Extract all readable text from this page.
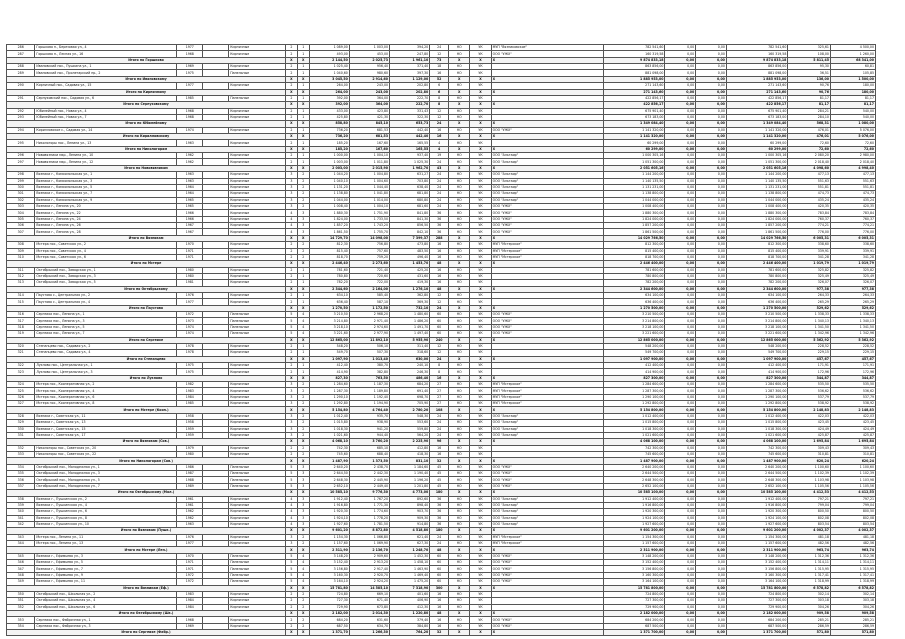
286	Горшково п., Березовая ул., 4	1977		Кирпичные	2	1	1 089,00	1 003,00	394,20	24	НО	УК	МУП "Вязниковское"	782 541,60	0,00	0,00	782 541,60	325,61	4 500,00
287	Горшково п., Лесная ул., 16	1968		Кирпичные	2	1	493,00	453,00	247,80	12	НО	УК	ООО "УЖХ"	160 319,58	0,00	0,00	160 319,58	108,00	1 260,00
Итого по Горшково					X	X	2 144,50	2 025,73	1 961,10	73	X	X	X	9 874 833,18	0,00	0,00	9 874 833,18	5 811,45	68 341,00
288	Ивановский пос., Пушкина ул., 1	1969		Кирпичные	2	1	1 025,40	956,40	371,40	18	НО	УК		863 856,00	0,00	0,00	863 856,00	95,30	60,81
289	Ивановский пос., Пролетарский пр., 2	1975		Панельные	2	1	1 040,60	980,60	397,30	16	НО	УК		881 098,00	0,00	0,00	881 098,00	36,51	105,85
Итого по Ивановскому					X	X	3 045,50	2 914,60	1 129,00	52	X	X	X	1 885 953,00	0,00	0,00	1 885 953,00	136,00	1 500,00
290	Кирпичный пос., Садовая ул., 15	1977		Кирпичные	2	1	264,00	243,00	202,80	6	НО	УК		271 143,60	0,00	0,00	271 143,60	90,76	180,00
Итого по Кирпичному					X	X	264,00	243,00	202,80	6	X	X	X	271 143,60	0,00	0,00	271 143,60	90,76	180,00
291	Серпуховский пос., Садовая ул., 6	1985		Панельные	2	1	392,00	364,00	222,70	8	НО	УК		422 856,17	0,00	0,00	422 856,17	81,17	81,17
Итого по Серпуховскому					X	X	392,00	364,00	222,70	8	X	X	X	422 856,17	0,00	0,00	422 856,17	81,17	81,17
292	Юбилейный пос., Новая ул., 4	1968		Кирпичные	2	1	433,00	423,80	331,43	12	НО	УК		675 901,40	0,00	0,00	675 901,40	284,21	540,00
293	Юбилейный пос., Новая ул., 7	1968		Кирпичные	2	1	425,80	421,30	322,30	12	НО	УК		673 183,00	0,00	0,00	673 183,00	284,10	540,00
Итого по Юбилейному					X	X	858,80	845,10	653,73	24	X	X	X	1 349 084,40	0,00	0,00	1 349 084,40	568,31	1 080,00
294	Кирилловское с., Садовая ул., 14	1974		Кирпичные	2	1	736,20	681,53	442,40	16	НО	УК	ООО "УЖХ"	1 141 320,00	0,00	0,00	1 141 320,00	476,01	5 076,00
Итого по Кирилловскому					X	X	736,20	681,53	442,40	16	X	X	X	1 141 320,00	0,00	0,00	1 141 320,00	476,01	5 076,00
295	Никологоры пос., Ленина ул., 13	1963		Кирпичные	2	1	185,20	167,60	165,55	4	НО	УК		60 299,00	0,00	0,00	60 299,00	72,60	72,60
Итого по Никологорам					X	X	185,20	167,60	165,55	4	X	X	X	60 299,00	0,00	0,00	60 299,00	72,60	72,60
296	Нововязники мкр., Ленина ул., 10	1962		Кирпичные	2	1	1 000,00	1 004,10	937,40	19	НО	УК	ООО "Альтаир"	1 000 305,16	0,00	0,00	1 000 305,16	2 080,20	2 980,00
297	Нововязники мкр., Ленина ул., 12	1962		Кирпичные	2	1	1 003,00	1 011,80	1 025,30	24	НО	УК	ООО "Альтаир"	1 051 300,00	0,00	0,00	1 051 300,00	2 018,40	2 018,40
Итого по Нововязникам					X	X	2 003,00	2 015,90	1 962,70	43	X	X	X	2 051 605,16	0,00	0,00	2 051 605,16	4 098,60	4 998,40
298	Вязники г., Комсомольская ул., 1	1963		Кирпичные	3	2	1 044,20	1 004,80	631,27	24	НО	УК	ООО "Альтаир"	1 144 200,00	0,00	0,00	1 144 200,00	477,13	477,13
299	Вязники г., Комсомольская ул., 3	1963		Кирпичные	3	2	1 040,10	1 004,60	703,80	24	НО	УК	ООО "Альтаир"	1 140 135,50	0,00	0,00	1 140 135,50	551,63	551,63
300	Вязники г., Комсомольская ул., 5	1964		Кирпичные	3	2	1 131,20	1 044,40	638,40	24	НО	УК	ООО "Альтаир"	1 131 231,00	0,00	0,00	1 131 231,00	551,81	551,81
301	Вязники г., Комсомольская ул., 7	1964		Кирпичные	3	2	1 138,80	1 041,80	681,80	24	НО	УК	ООО "Альтаир"	1 138 800,00	0,00	0,00	1 138 800,00	474,73	474,73
302	Вязники г., Комсомольская ул., 9	1965		Кирпичные	3	2	1 044,00	1 014,00	680,80	24	НО	УК	ООО "Альтаир"	1 044 000,00	0,00	0,00	1 044 000,00	435,24	435,24
303	Вязники г., Ленина ул., 20	1965		Кирпичные	3	2	1 008,40	1 004,10	681,60	24	НО	УК	ООО "УЖХ"	1 008 400,00	0,00	0,00	1 008 400,00	420,35	420,35
304	Вязники г., Ленина ул., 22	1966		Кирпичные	4	3	1 880,30	1 751,90	841,80	36	НО	УК	ООО "УЖХ"	1 880 300,00	0,00	0,00	1 880 300,00	783,84	783,84
305	Вязники г., Ленина ул., 24	1966		Кирпичные	4	3	1 824,00	1 733,50	841,30	36	НО	УК	ООО "УЖХ"	1 824 000,00	0,00	0,00	1 824 000,00	760,37	760,37
306	Вязники г., Ленина ул., 26	1967		Кирпичные	4	3	1 857,20	1 743,20	856,50	36	НО	УК	ООО "УЖХ"	1 857 200,00	0,00	0,00	1 857 200,00	774,21	774,21
307	Вязники г., Ленина ул., 28	1967		Кирпичные	4	3	1 861,50	1 755,70	842,10	36	НО	УК	ООО "УЖХ"	1 861 500,00	0,00	0,00	1 861 500,00	776,00	776,00
Итого по Вязникам					X	X	14 729,70	14 098,00	7 399,37	288	X	X	X	14 029 766,50	0,00	0,00	14 029 766,50	6 005,31	6 005,31
308	Мстера пос., Советская ул., 2	1970		Кирпичные	2	2	812,30	756,80	473,80	16	НО	УК	МУП "Мстерское"	812 300,00	0,00	0,00	812 300,00	338,60	338,60
309	Мстера пос., Советская ул., 4	1971		Кирпичные	2	2	815,40	757,60	483,50	16	НО	УК	МУП "Мстерское"	815 400,00	0,00	0,00	815 400,00	339,91	339,91
310	Мстера пос., Советская ул., 6	1971		Кирпичные	2	2	818,70	759,20	496,40	16	НО	УК	МУП "Мстерское"	818 700,00	0,00	0,00	818 700,00	341,28	341,28
Итого по Мстере					X	X	2 446,40	2 273,60	1 453,70	48	X	X	X	2 446 400,00	0,00	0,00	2 446 400,00	1 019,79	1 019,79
311	Октябрьский пос., Заводская ул., 1	1980		Кирпичные	2	1	781,60	721,40	425,20	16	НО	УК		781 600,00	0,00	0,00	781 600,00	325,82	325,82
312	Октябрьский пос., Заводская ул., 3	1980		Кирпичные	2	1	780,80	720,60	431,60	16	НО	УК		780 800,00	0,00	0,00	780 800,00	325,49	325,49
313	Октябрьский пос., Заводская ул., 5	1981		Кирпичные	2	1	782,20	722,00	419,30	16	НО	УК		782 200,00	0,00	0,00	782 200,00	326,07	326,07
Итого по Октябрьскому					X	X	2 344,60	2 164,00	1 276,10	48	X	X	X	2 344 600,00	0,00	0,00	2 344 600,00	977,38	977,38
314	Паустово с., Центральная ул., 2	1976		Кирпичные	2	1	634,10	585,40	362,80	12	НО	УК		634 100,00	0,00	0,00	634 100,00	264,33	264,33
315	Паустово с., Центральная ул., 4	1977		Кирпичные	2	1	636,40	587,10	369,30	12	НО	УК		636 400,00	0,00	0,00	636 400,00	265,29	265,29
Итого по Паустово					X	X	1 270,50	1 172,50	732,10	24	X	X	X	1 270 500,00	0,00	0,00	1 270 500,00	529,62	529,62
316	Сергеиха пос., Ленина ул., 1	1972		Панельные	5	4	3 210,50	2 968,20	1 480,60	60	НО	УК	ООО "УЖХ"	3 210 500,00	0,00	0,00	3 210 500,00	1 338,33	1 338,33
317	Сергеиха пос., Ленина ул., 3	1973		Панельные	5	4	3 214,80	2 971,40	1 486,20	60	НО	УК	ООО "УЖХ"	3 214 800,00	0,00	0,00	3 214 800,00	1 340,13	1 340,13
318	Сергеиха пос., Ленина ул., 5	1974		Панельные	5	4	3 218,10	2 974,60	1 491,70	60	НО	УК	ООО "УЖХ"	3 218 100,00	0,00	0,00	3 218 100,00	1 341,50	1 341,50
319	Сергеиха пос., Ленина ул., 7	1974		Панельные	5	4	3 221,60	2 977,90	1 497,40	60	НО	УК	ООО "УЖХ"	3 221 600,00	0,00	0,00	3 221 600,00	1 342,96	1 342,96
Итого по Сергеихе					X	X	12 865,00	11 892,10	5 955,90	240	X	X	X	12 865 000,00	0,00	0,00	12 865 000,00	5 362,92	5 362,92
320	Степанцево пос., Садовая ул., 2	1978		Кирпичные	2	1	548,20	506,10	311,40	12	НО	УК		548 200,00	0,00	0,00	548 200,00	228,52	228,52
321	Степанцево пос., Садовая ул., 4	1978		Кирпичные	2	1	549,70	507,30	318,60	12	НО	УК		549 700,00	0,00	0,00	549 700,00	229,15	229,15
Итого по Степанцево					X	X	1 097,90	1 013,40	630,00	24	X	X	X	1 097 900,00	0,00	0,00	1 097 900,00	457,67	457,67
322	Лукново пос., Центральная ул., 1	1975		Кирпичные	2	1	412,40	380,70	240,10	8	НО	УК		412 400,00	0,00	0,00	412 400,00	171,91	171,91
323	Лукново пос., Центральная ул., 3	1975		Кирпичные	2	1	414,90	382,80	246,30	8	НО	УК		414 900,00	0,00	0,00	414 900,00	172,96	172,96
Итого по Лукново					X	X	827,30	763,50	486,40	16	X	X	X	827 300,00	0,00	0,00	827 300,00	344,87	344,87
324	Мстера пос., Кооперативная ул., 2	1982		Кирпичные	3	2	1 284,60	1 187,30	684,20	27	НО	УК	МУП "Мстерское"	1 284 600,00	0,00	0,00	1 284 600,00	535,50	535,50
325	Мстера пос., Кооперативная ул., 4	1983		Кирпичные	3	2	1 287,30	1 189,80	691,40	27	НО	УК	МУП "Мстерское"	1 287 300,00	0,00	0,00	1 287 300,00	536,62	536,62
326	Мстера пос., Кооперативная ул., 6	1984		Кирпичные	3	2	1 290,10	1 192,40	698,70	27	НО	УК	МУП "Мстерское"	1 290 100,00	0,00	0,00	1 290 100,00	537,79	537,79
327	Мстера пос., Кооперативная ул., 8	1985		Кирпичные	3	2	1 292,80	1 194,90	705,90	27	НО	УК	МУП "Мстерское"	1 292 800,00	0,00	0,00	1 292 800,00	538,92	538,92
Итого по Мстере (Кооп.)					X	X	5 154,80	4 764,40	2 780,20	108	X	X	X	5 154 800,00	0,00	0,00	5 154 800,00	2 148,83	2 148,83
328	Вязники г., Советская ул., 11	1958		Кирпичные	3	2	1 012,40	935,70	548,30	24	НО	УК	ООО "Альтаир"	1 012 400,00	0,00	0,00	1 012 400,00	422,03	422,03
329	Вязники г., Советская ул., 13	1958		Кирпичные	3	2	1 015,80	938,90	553,60	24	НО	УК	ООО "Альтаир"	1 015 800,00	0,00	0,00	1 015 800,00	423,45	423,45
330	Вязники г., Советская ул., 15	1959		Кирпичные	3	2	1 018,30	941,20	559,80	24	НО	УК	ООО "Альтаир"	1 018 300,00	0,00	0,00	1 018 300,00	424,49	424,49
331	Вязники г., Советская ул., 17	1959		Кирпичные	3	2	1 021,60	944,40	564,20	24	НО	УК	ООО "Альтаир"	1 021 600,00	0,00	0,00	1 021 600,00	425,87	425,87
Итого по Вязникам (Сов.)					X	X	4 068,10	3 760,20	2 225,90	96	X	X	X	4 068 100,00	0,00	0,00	4 068 100,00	1 695,84	1 695,84
332	Никологоры пос., Советская ул., 20	1979		Кирпичные	2	2	742,30	685,10	412,80	16	НО	УК		742 300,00	0,00	0,00	742 300,00	309,43	309,43
333	Никологоры пос., Советская ул., 22	1980		Кирпичные	2	2	745,60	688,40	418,30	16	НО	УК		745 600,00	0,00	0,00	745 600,00	310,81	310,81
Итого по Никологорам (Сов.)					X	X	1 487,90	1 373,50	831,10	32	X	X	X	1 487 900,00	0,00	0,00	1 487 900,00	620,24	620,24
334	Октябрьский пос., Молодежная ул., 1	1986		Панельные	5	3	2 640,20	2 438,70	1 184,60	45	НО	УК	ООО "УЖХ"	2 640 200,00	0,00	0,00	2 640 200,00	1 100,60	1 100,60
335	Октябрьский пос., Молодежная ул., 3	1987		Панельные	5	3	2 644,50	2 442,30	1 190,40	45	НО	УК	ООО "УЖХ"	2 644 500,00	0,00	0,00	2 644 500,00	1 102,39	1 102,39
336	Октябрьский пос., Молодежная ул., 5	1988		Панельные	5	3	2 648,30	2 445,90	1 196,20	45	НО	УК	ООО "УЖХ"	2 648 300,00	0,00	0,00	2 648 300,00	1 103,98	1 103,98
337	Октябрьский пос., Молодежная ул., 7	1989		Панельные	5	3	2 652,10	2 449,40	1 201,80	45	НО	УК	ООО "УЖХ"	2 652 100,00	0,00	0,00	2 652 100,00	1 105,56	1 105,56
Итого по Октябрьскому (Мол.)					X	X	10 585,10	9 776,30	4 773,00	180	X	X	X	10 585 100,00	0,00	0,00	10 585 100,00	4 412,53	4 412,53
338	Вязники г., Пушкинская ул., 2	1961		Кирпичные	4	3	1 912,40	1 767,20	892,60	36	НО	УК	ООО "Альтаир"	1 912 400,00	0,00	0,00	1 912 400,00	797,21	797,21
339	Вязники г., Пушкинская ул., 4	1961		Кирпичные	4	3	1 916,80	1 771,30	898,40	36	НО	УК	ООО "Альтаир"	1 916 800,00	0,00	0,00	1 916 800,00	799,04	799,04
340	Вязники г., Пушкинская ул., 6	1962		Кирпичные	4	3	1 920,30	1 774,60	903,70	36	НО	УК	ООО "Альтаир"	1 920 300,00	0,00	0,00	1 920 300,00	800,50	800,50
341	Вязники г., Пушкинская ул., 8	1962		Кирпичные	4	3	1 924,10	1 778,20	909,30	36	НО	УК	ООО "Альтаир"	1 924 100,00	0,00	0,00	1 924 100,00	802,08	802,08
342	Вязники г., Пушкинская ул., 10	1963		Кирпичные	4	3	1 927,60	1 781,50	914,80	36	НО	УК	ООО "Альтаир"	1 927 600,00	0,00	0,00	1 927 600,00	803,54	803,54
Итого по Вязникам (Пушк.)					X	X	9 601,20	8 872,80	4 518,80	180	X	X	X	9 601 200,00	0,00	0,00	9 601 200,00	4 002,37	4 002,37
343	Мстера пос., Ленина ул., 11	1976		Кирпичные	3	2	1 154,30	1 066,80	621,40	24	НО	УК	МУП "Мстерское"	1 154 300,00	0,00	0,00	1 154 300,00	481,18	481,18
344	Мстера пос., Ленина ул., 13	1977		Кирпичные	3	2	1 157,60	1 069,90	627,30	24	НО	УК	МУП "Мстерское"	1 157 600,00	0,00	0,00	1 157 600,00	482,56	482,56
Итого по Мстере (Лен.)					X	X	2 311,90	2 136,70	1 248,70	48	X	X	X	2 311 900,00	0,00	0,00	2 311 900,00	963,74	963,74
345	Вязники г., Ефимьева ул., 3	1970		Панельные	5	4	3 148,20	2 909,60	1 452,30	60	НО	УК	ООО "УЖХ"	3 148 200,00	0,00	0,00	3 148 200,00	1 312,36	1 312,36
346	Вязники г., Ефимьева ул., 5	1971		Панельные	5	4	3 152,40	2 913,20	1 458,10	60	НО	УК	ООО "УЖХ"	3 152 400,00	0,00	0,00	3 152 400,00	1 314,11	1 314,11
347	Вязники г., Ефимьева ул., 7	1971		Панельные	5	4	3 156,80	2 917,40	1 463,90	60	НО	УК	ООО "УЖХ"	3 156 800,00	0,00	0,00	3 156 800,00	1 315,95	1 315,95
348	Вязники г., Ефимьева ул., 9	1972		Панельные	5	4	3 160,30	2 920,70	1 469,40	60	НО	УК	ООО "УЖХ"	3 160 300,00	0,00	0,00	3 160 300,00	1 317,41	1 317,41
349	Вязники г., Ефимьева ул., 11	1972		Панельные	5	4	3 164,10	2 924,20	1 475,20	60	НО	УК	ООО "УЖХ"	3 164 100,00	0,00	0,00	3 164 100,00	1 318,99	1 318,99
Итого по Вязникам (Еф.)					X	X	15 781,80	14 585,10	7 318,90	300	X	X	X	15 781 800,00	0,00	0,00	15 781 800,00	6 578,82	6 578,82
350	Октябрьский пос., Школьная ул., 2	1983		Кирпичные	2	2	724,80	669,10	401,60	16	НО	УК		724 800,00	0,00	0,00	724 800,00	302,14	302,14
351	Октябрьский пос., Школьная ул., 4	1984		Кирпичные	2	2	727,30	671,40	406,90	16	НО	УК		727 300,00	0,00	0,00	727 300,00	303,18	303,18
352	Октябрьский пос., Школьная ул., 6	1984		Кирпичные	2	2	729,90	673,80	412,30	16	НО	УК		729 900,00	0,00	0,00	729 900,00	304,26	304,26
Итого по Октябрьскому (Шк.)					X	X	2 182,00	2 014,30	1 220,80	48	X	X	X	2 182 000,00	0,00	0,00	2 182 000,00	909,58	909,58
353	Сергеиха пос., Фабричная ул., 1	1968		Кирпичные	2	2	684,20	631,60	379,40	16	НО	УК	ООО "УЖХ"	684 200,00	0,00	0,00	684 200,00	285,21	285,21
354	Сергеиха пос., Фабричная ул., 3	1969		Кирпичные	2	2	687,50	634,70	384,80	16	НО	УК	ООО "УЖХ"	687 500,00	0,00	0,00	687 500,00	286,59	286,59
Итого по Сергеихе (Фабр.)					X	X	1 371,70	1 266,30	764,20	32	X	X	X	1 371 700,00	0,00	0,00	1 371 700,00	571,80	571,80
